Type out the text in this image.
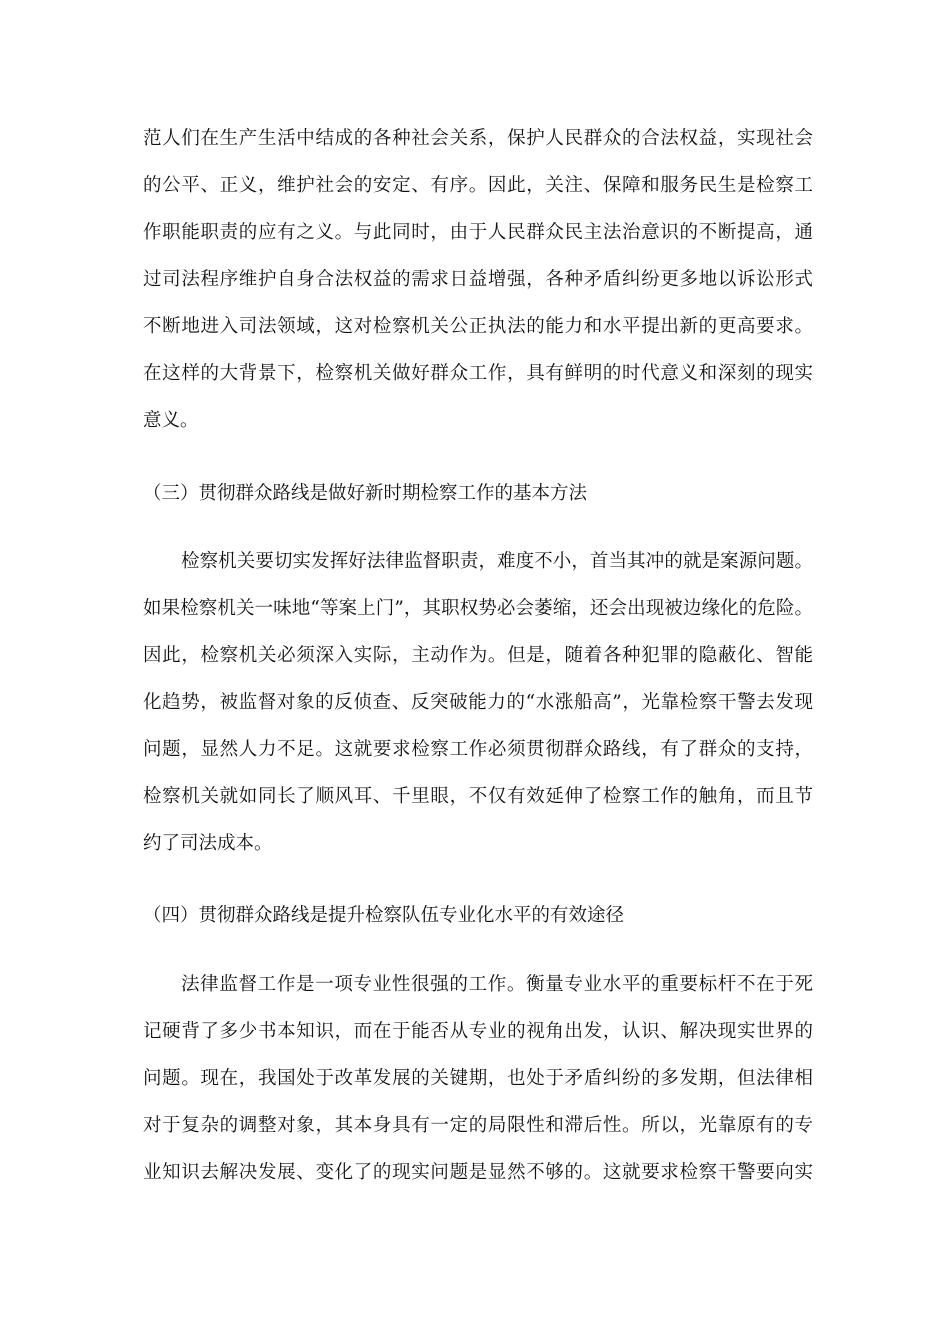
范人们在生产生活中结成的各种社会关系，保护人民群众的合法权益，实现社会

的公平、正义，维护社会的安定、有序。因此，关注、保障和服务民生是检察工

作职能职责的应有之义。与此同时，由于人民群众民主法治意识的不断提高，通

过司法程序维护自身合法权益的需求日益增强，各种矛盾纠纷更多地以诉讼形式

不断地进入司法领域，这对检察机关公正执法的能力和水平提出新的更高要求。

在这样的大背景下，检察机关做好群众工作，具有鲜明的时代意义和深刻的现实

意义。

（三）贯彻群众路线是做好新时期检察工作的基本方法

检察机关要切实发挥好法律监督职责，难度不小，首当其冲的就是案源问题。

如果检察机关一味地“等案上门”，其职权势必会萎缩，还会出现被边缘化的危险。

因此，检察机关必须深入实际，主动作为。但是，随着各种犯罪的隐蔽化、智能

化趋势，被监督对象的反侦查、反突破能力的“水涨船高”，光靠检察干警去发现

问题，显然人力不足。这就要求检察工作必须贯彻群众路线，有了群众的支持，

检察机关就如同长了顺风耳、千里眼，不仅有效延伸了检察工作的触角，而且节

约了司法成本。

（四）贯彻群众路线是提升检察队伍专业化水平的有效途径

法律监督工作是一项专业性很强的工作。衡量专业水平的重要标杆不在于死

记硬背了多少书本知识，而在于能否从专业的视角出发，认识、解决现实世界的

问题。现在，我国处于改革发展的关键期，也处于矛盾纠纷的多发期，但法律相

对于复杂的调整对象，其本身具有一定的局限性和滞后性。所以，光靠原有的专

业知识去解决发展、变化了的现实问题是显然不够的。这就要求检察干警要向实
